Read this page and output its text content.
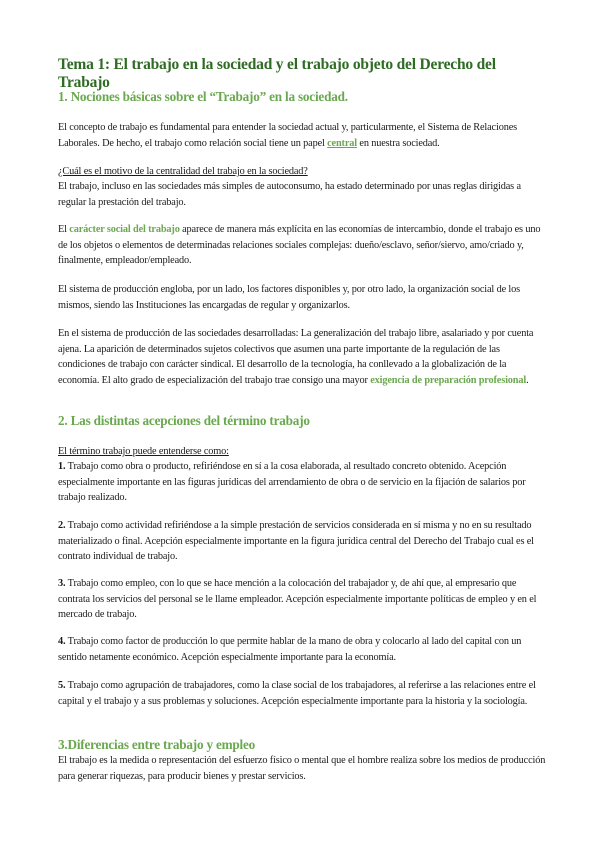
Tema 1: El trabajo en la sociedad y el trabajo objeto del Derecho del Trabajo
1. Nociones básicas sobre el “Trabajo” en la sociedad.

El concepto de trabajo es fundamental para entender la sociedad actual y, particularmente, el Sistema de Relaciones Laborales. De hecho, el trabajo como relación social tiene un papel central en nuestra sociedad.

¿Cuál es el motivo de la centralidad del trabajo en la sociedad?

El trabajo, incluso en las sociedades más simples de autoconsumo, ha estado determinado por unas reglas dirigidas a regular la prestación del trabajo.

El carácter social del trabajo aparece de manera más explícita en las economías de intercambio, donde el trabajo es uno de los objetos o elementos de determinadas relaciones sociales complejas: dueño/esclavo, señor/siervo, amo/criado y, finalmente, empleador/empleado.

El sistema de producción engloba, por un lado, los factores disponibles y, por otro lado, la organización social de los mismos, siendo las Instituciones las encargadas de regular y organizarlos.

En el sistema de producción de las sociedades desarrolladas: La generalización del trabajo libre, asalariado y por cuenta ajena. La aparición de determinados sujetos colectivos que asumen una parte importante de la regulación de las condiciones de trabajo con carácter sindical. El desarrollo de la tecnología, ha conllevado a la globalización de la economía. El alto grado de especialización del trabajo trae consigo una mayor exigencia de preparación profesional.

2. Las distintas acepciones del término trabajo

El término trabajo puede entenderse como:

1. Trabajo como obra o producto, refiriéndose en sí a la cosa elaborada, al resultado concreto obtenido. Acepción especialmente importante en las figuras jurídicas del arrendamiento de obra o de servicio en la fijación de salarios por trabajo realizado.

2. Trabajo como actividad refiriéndose a la simple prestación de servicios considerada en sí misma y no en su resultado materializado o final. Acepción especialmente importante en la figura jurídica central del Derecho del Trabajo cual es el contrato individual de trabajo.

3. Trabajo como empleo, con lo que se hace mención a la colocación del trabajador y, de ahí que, al empresario que contrata los servicios del personal se le llame empleador. Acepción especialmente importante políticas de empleo y en el mercado de trabajo.

4. Trabajo como factor de producción lo que permite hablar de la mano de obra y colocarlo al lado del capital con un sentido netamente económico. Acepción especialmente importante para la economía.

5. Trabajo como agrupación de trabajadores, como la clase social de los trabajadores, al referirse a las relaciones entre el capital y el trabajo y a sus problemas y soluciones. Acepción especialmente importante para la historia y la sociología.

3.Diferencias entre trabajo y empleo

El trabajo es la medida o representación del esfuerzo físico o mental que el hombre realiza sobre los medios de producción para generar riquezas, para producir bienes y prestar servicios.
